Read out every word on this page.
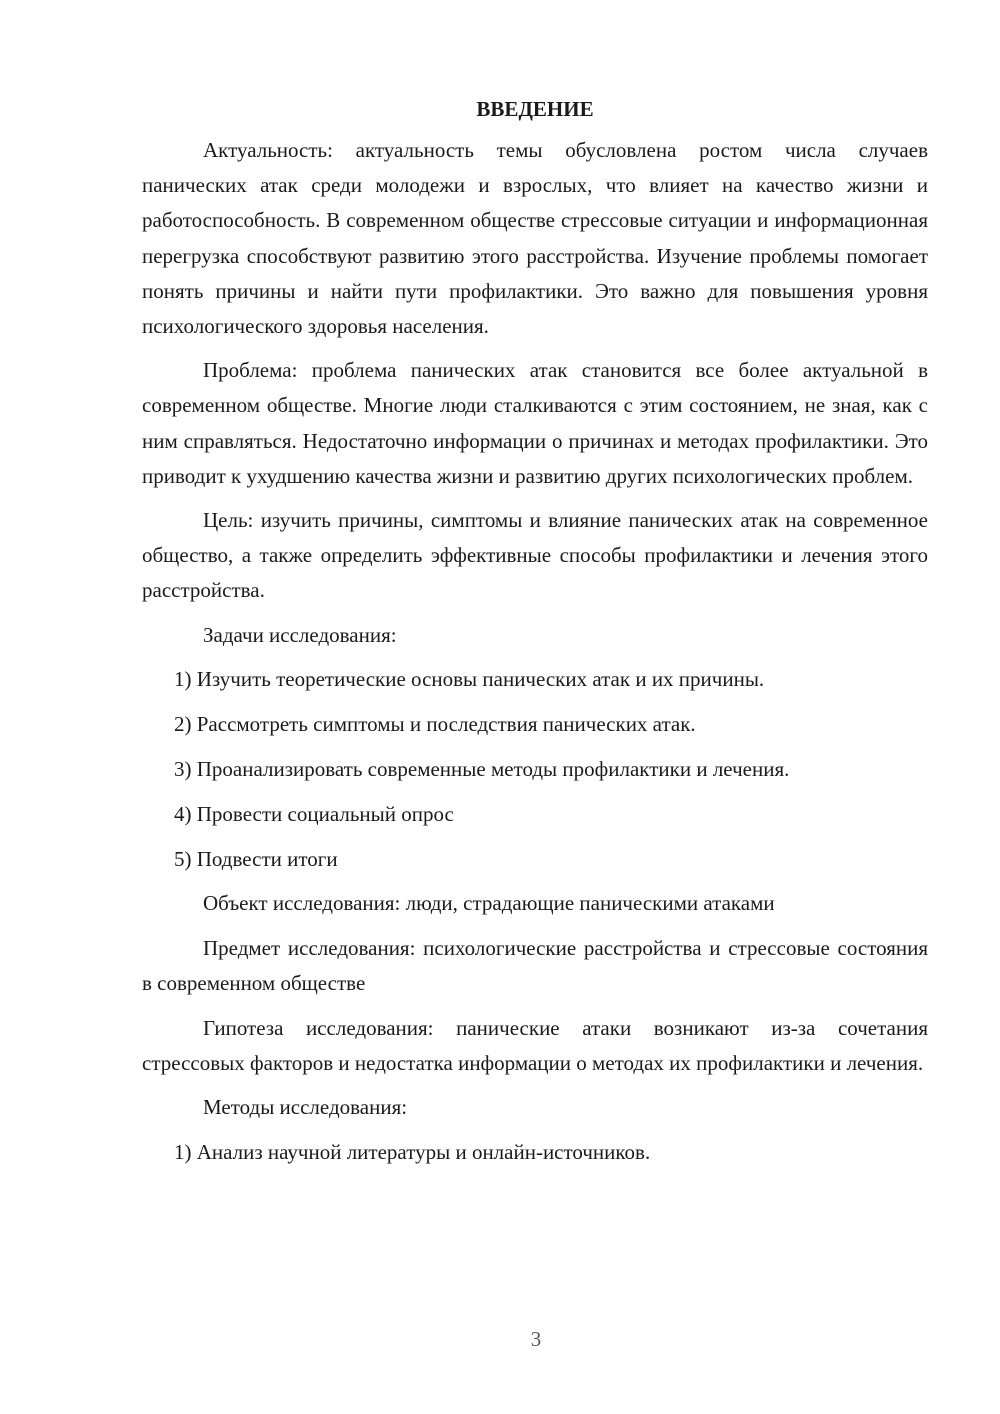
ВВЕДЕНИЕ

Актуальность: актуальность темы обусловлена ростом числа случаев панических атак среди молодежи и взрослых, что влияет на качество жизни и работоспособность. В современном обществе стрессовые ситуации и информационная перегрузка способствуют развитию этого расстройства. Изучение проблемы помогает понять причины и найти пути профилактики. Это важно для повышения уровня психологического здоровья населения.

Проблема: проблема панических атак становится все более актуальной в современном обществе. Многие люди сталкиваются с этим состоянием, не зная, как с ним справляться. Недостаточно информации о причинах и методах профилактики. Это приводит к ухудшению качества жизни и развитию других психологических проблем.

Цель: изучить причины, симптомы и влияние панических атак на современное общество, а также определить эффективные способы профилактики и лечения этого расстройства.

Задачи исследования:
1) Изучить теоретические основы панических атак и их причины.
2) Рассмотреть симптомы и последствия панических атак.
3) Проанализировать современные методы профилактики и лечения.
4) Провести социальный опрос
5) Подвести итоги
Объект исследования: люди, страдающие паническими атаками

Предмет исследования: психологические расстройства и стрессовые состояния в современном обществе

Гипотеза исследования: панические атаки возникают из-за сочетания стрессовых факторов и недостатка информации о методах их профилактики и лечения.

Методы исследования:
1) Анализ научной литературы и онлайн-источников.
3
